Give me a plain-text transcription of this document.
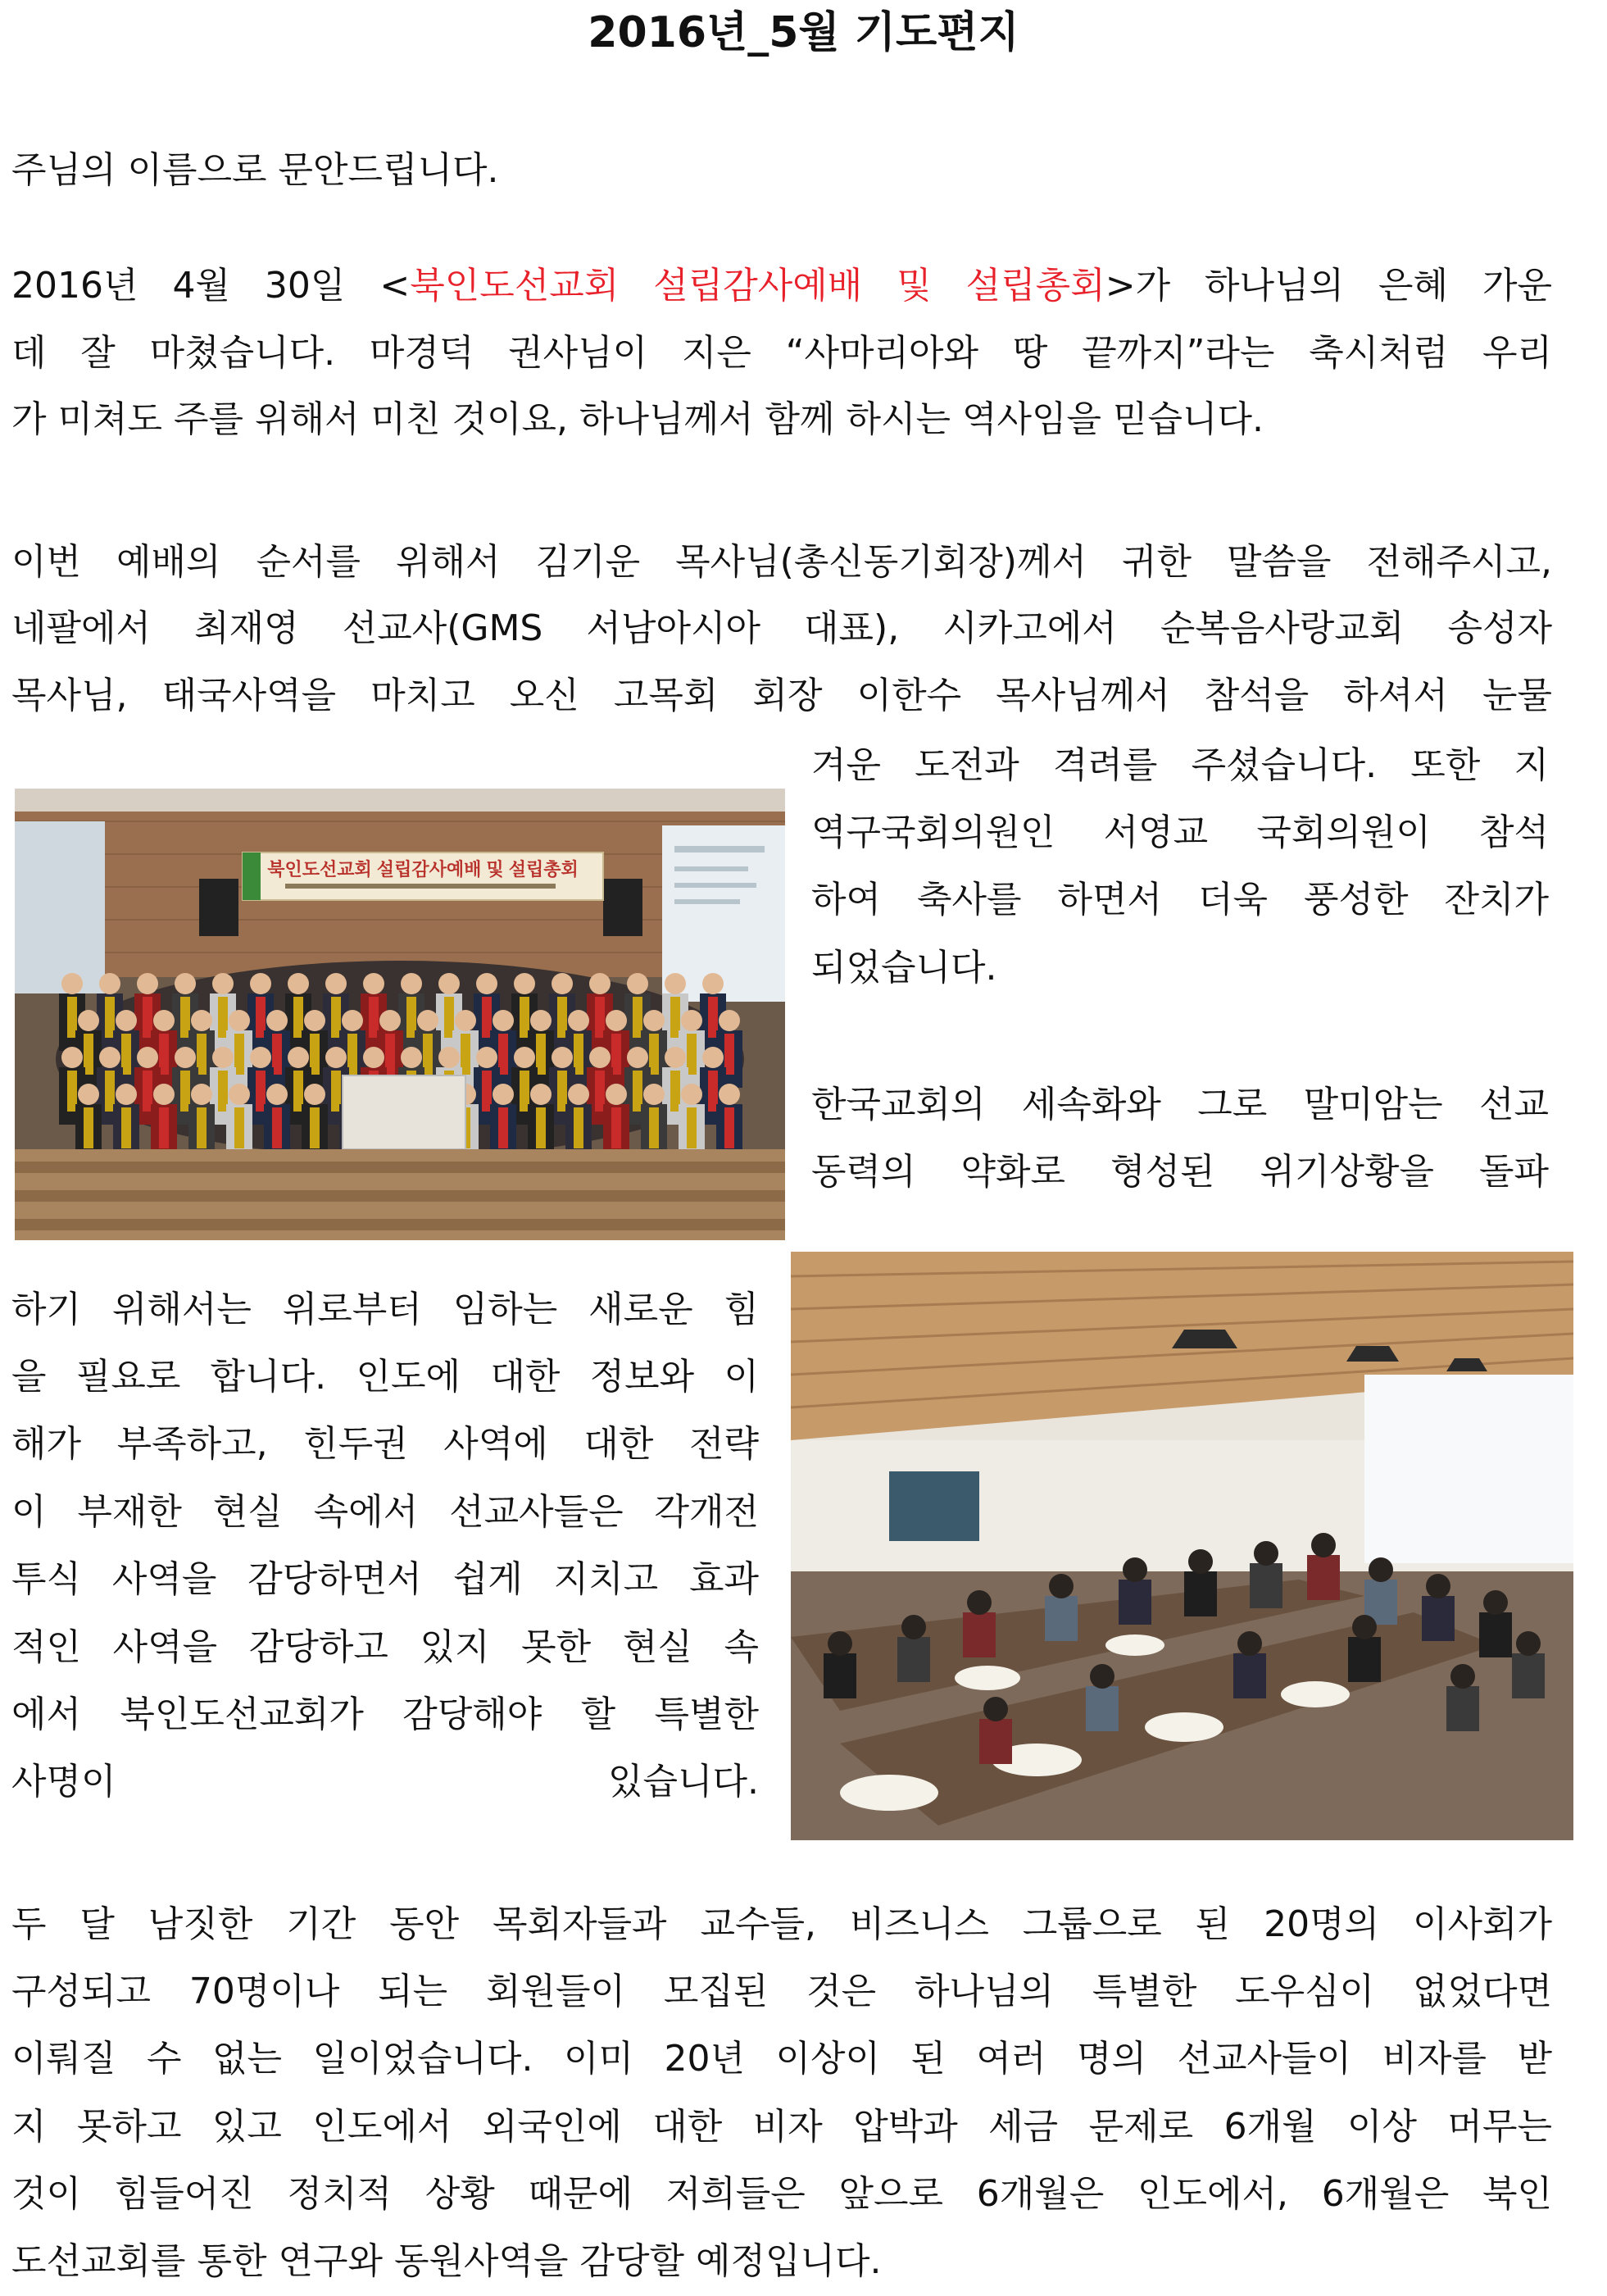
2016년_5월 기도편지
주님의 이름으로 문안드립니다.
2016년 4월 30일 <북인도선교회 설립감사예배 및 설립총회>가 하나님의 은혜 가운
데 잘 마쳤습니다. 마경덕 권사님이 지은 “사마리아와 땅 끝까지”라는 축시처럼 우리
가 미쳐도 주를 위해서 미친 것이요, 하나님께서 함께 하시는 역사임을 믿습니다.
이번 예배의 순서를 위해서 김기운 목사님(총신동기회장)께서 귀한 말씀을 전해주시고,
네팔에서 최재영 선교사(GMS 서남아시아 대표), 시카고에서 순복음사랑교회 송성자
목사님, 태국사역을 마치고 오신 고목회 회장 이한수 목사님께서 참석을 하셔서 눈물
겨운 도전과 격려를 주셨습니다. 또한 지
역구국회의원인 서영교 국회의원이 참석
하여 축사를 하면서 더욱 풍성한 잔치가
되었습니다.
한국교회의 세속화와 그로 말미암는 선교
동력의 약화로 형성된 위기상황을 돌파
하기 위해서는 위로부터 임하는 새로운 힘
을 필요로 합니다. 인도에 대한 정보와 이
해가 부족하고, 힌두권 사역에 대한 전략
이 부재한 현실 속에서 선교사들은 각개전
투식 사역을 감당하면서 쉽게 지치고 효과
적인 사역을 감당하고 있지 못한 현실 속
에서 북인도선교회가 감당해야 할 특별한
사명이 있습니다.
두 달 남짓한 기간 동안 목회자들과 교수들, 비즈니스 그룹으로 된 20명의 이사회가
구성되고 70명이나 되는 회원들이 모집된 것은 하나님의 특별한 도우심이 없었다면
이뤄질 수 없는 일이었습니다. 이미 20년 이상이 된 여러 명의 선교사들이 비자를 받
지 못하고 있고 인도에서 외국인에 대한 비자 압박과 세금 문제로 6개월 이상 머무는
것이 힘들어진 정치적 상황 때문에 저희들은 앞으로 6개월은 인도에서, 6개월은 북인
도선교회를 통한 연구와 동원사역을 감당할 예정입니다.
북인도선교회 설립감사예배 및 설립총회
